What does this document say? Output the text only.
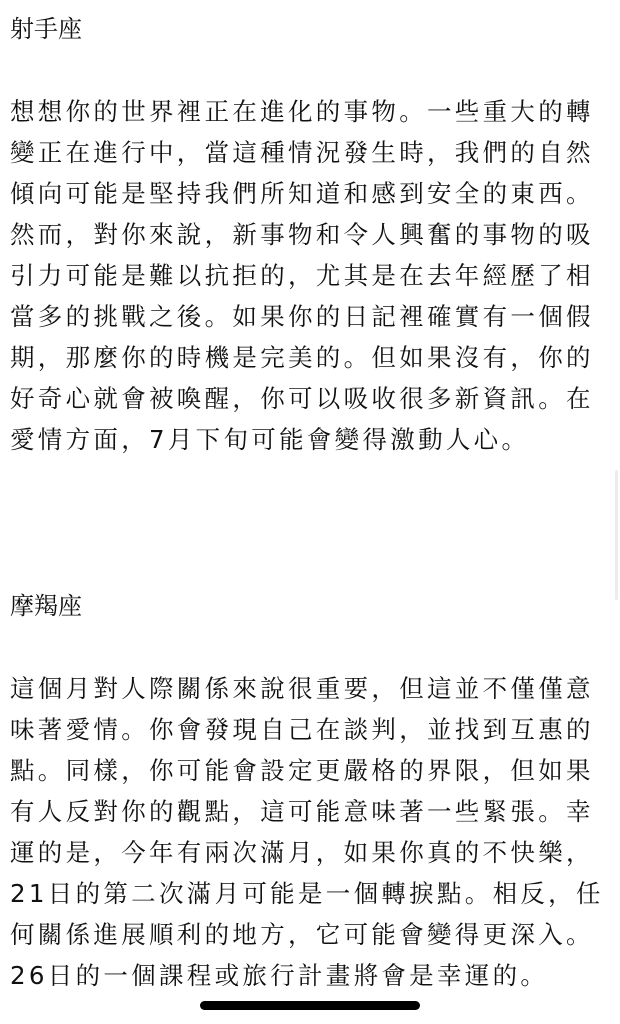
射手座
想想你的世界裡正在進化的事物。一些重大的轉
變正在進行中，當這種情況發生時，我們的自然
傾向可能是堅持我們所知道和感到安全的東西。
然而，對你來說，新事物和令人興奮的事物的吸
引力可能是難以抗拒的，尤其是在去年經歷了相
當多的挑戰之後。如果你的日記裡確實有一個假
期，那麼你的時機是完美的。但如果沒有，你的
好奇心就會被喚醒，你可以吸收很多新資訊。在
愛情方面，7月下旬可能會變得激動人心。
摩羯座
這個月對人際關係來說很重要，但這並不僅僅意
味著愛情。你會發現自己在談判，並找到互惠的
點。同樣，你可能會設定更嚴格的界限，但如果
有人反對你的觀點，這可能意味著一些緊張。幸
運的是，今年有兩次滿月，如果你真的不快樂，
21日的第二次滿月可能是一個轉捩點。相反，任
何關係進展順利的地方，它可能會變得更深入。
26日的一個課程或旅行計畫將會是幸運的。
